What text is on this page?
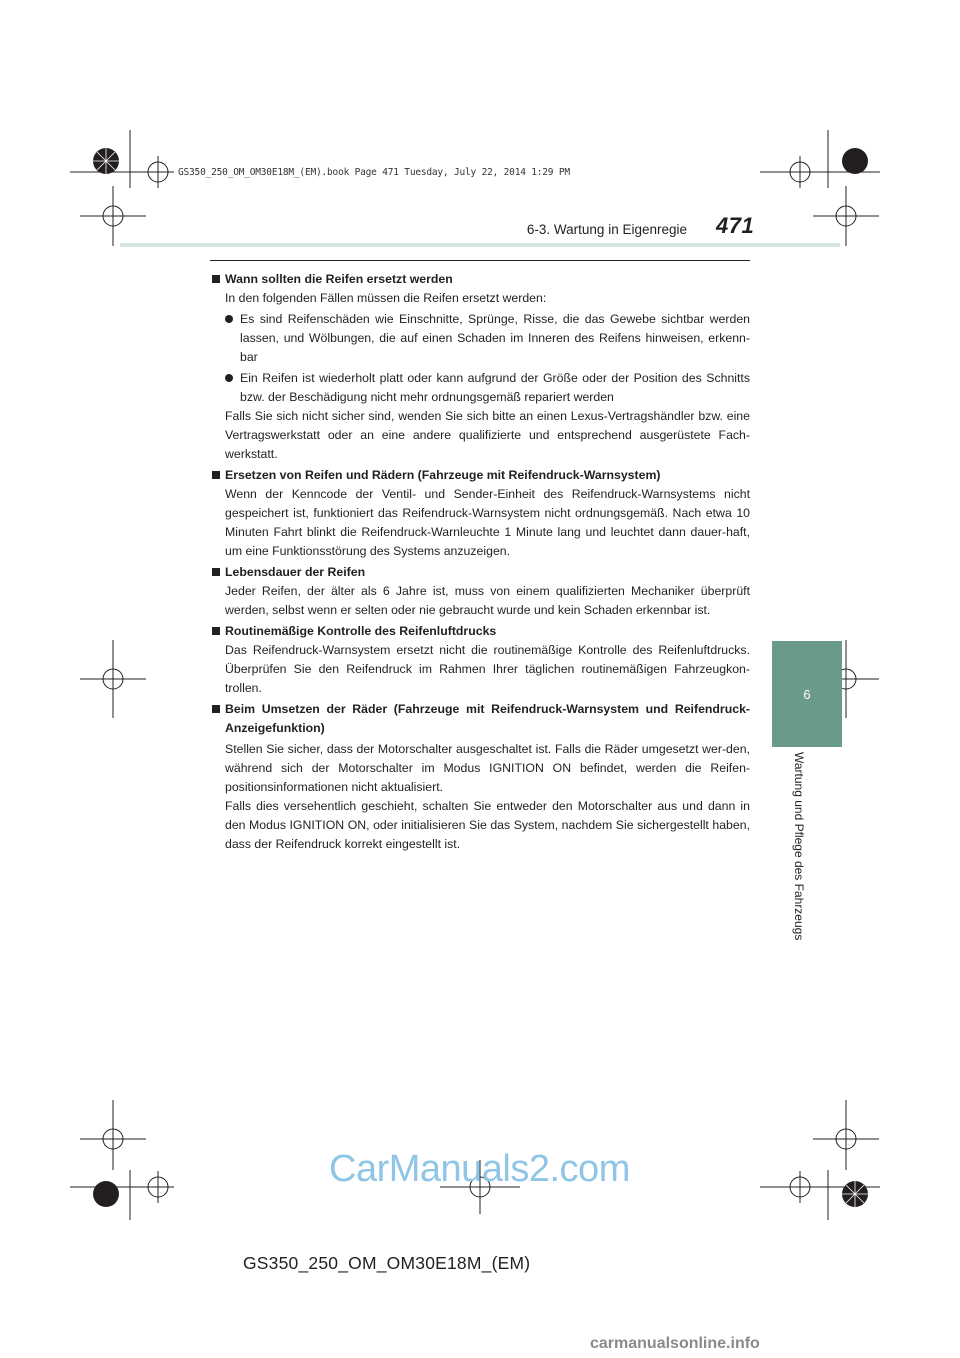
GS350_250_OM_OM30E18M_(EM).book Page 471 Tuesday, July 22, 2014 1:29 PM
6-3. Wartung in Eigenregie 471
6
Wartung und Pflege des Fahrzeugs

Wann sollten die Reifen ersetzt werden

In den folgenden Fällen müssen die Reifen ersetzt werden:

Es sind Reifenschäden wie Einschnitte, Sprünge, Risse, die das Gewebe sichtbar werden lassen, und Wölbungen, die auf einen Schaden im Inneren des Reifens hinweisen, erkenn-bar

Ein Reifen ist wiederholt platt oder kann aufgrund der Größe oder der Position des Schnitts bzw. der Beschädigung nicht mehr ordnungsgemäß repariert werden

Falls Sie sich nicht sicher sind, wenden Sie sich bitte an einen Lexus-Vertragshändler bzw. eine Vertragswerkstatt oder an eine andere qualifizierte und entsprechend ausgerüstete Fach-werkstatt.

Ersetzen von Reifen und Rädern (Fahrzeuge mit Reifendruck-Warnsystem)

Wenn der Kenncode der Ventil- und Sender-Einheit des Reifendruck-Warnsystems nicht gespeichert ist, funktioniert das Reifendruck-Warnsystem nicht ordnungsgemäß. Nach etwa 10 Minuten Fahrt blinkt die Reifendruck-Warnleuchte 1 Minute lang und leuchtet dann dauer-haft, um eine Funktionsstörung des Systems anzuzeigen.

Lebensdauer der Reifen

Jeder Reifen, der älter als 6 Jahre ist, muss von einem qualifizierten Mechaniker überprüft werden, selbst wenn er selten oder nie gebraucht wurde und kein Schaden erkennbar ist.

Routinemäßige Kontrolle des Reifenluftdrucks

Das Reifendruck-Warnsystem ersetzt nicht die routinemäßige Kontrolle des Reifenluftdrucks. Überprüfen Sie den Reifendruck im Rahmen Ihrer täglichen routinemäßigen Fahrzeugkon-trollen.

Beim Umsetzen der Räder (Fahrzeuge mit Reifendruck-Warnsystem und Reifendruck-Anzeigefunktion)

Stellen Sie sicher, dass der Motorschalter ausgeschaltet ist. Falls die Räder umgesetzt wer-den, während sich der Motorschalter im Modus IGNITION ON befindet, werden die Reifen-positionsinformationen nicht aktualisiert.

Falls dies versehentlich geschieht, schalten Sie entweder den Motorschalter aus und dann in den Modus IGNITION ON, oder initialisieren Sie das System, nachdem Sie sichergestellt haben, dass der Reifendruck korrekt eingestellt ist.

CarManuals2.com
GS350_250_OM_OM30E18M_(EM)
carmanualsonline.info
